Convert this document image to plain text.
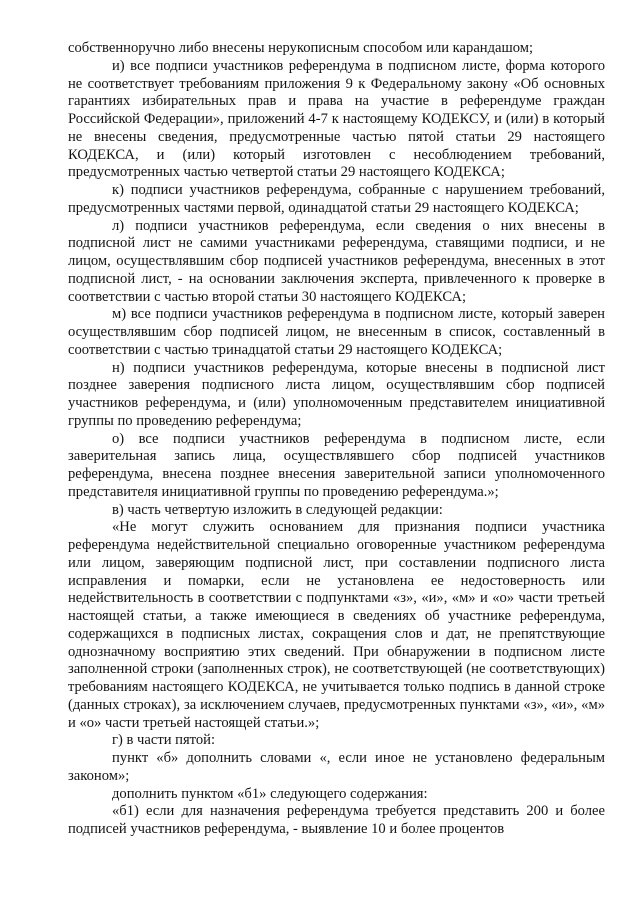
собственноручно либо внесены нерукописным способом или карандашом;

и) все подписи участников референдума в подписном листе, форма которого не соответствует требованиям приложения 9 к Федеральному закону «Об основных гарантиях избирательных прав и права на участие в референдуме граждан Российской Федерации», приложений 4-7 к настоящему КОДЕКСУ, и (или) в который не внесены сведения, предусмотренные частью пятой статьи 29 настоящего КОДЕКСА, и (или) который изготовлен с несоблюдением требований, предусмотренных частью четвертой статьи 29 настоящего КОДЕКСА;

к) подписи участников референдума, собранные с нарушением требований, предусмотренных частями первой, одинадцатой статьи 29 настоящего КОДЕКСА;

л) подписи участников референдума, если сведения о них внесены в подписной лист не самими участниками референдума, ставящими подписи, и не лицом, осуществлявшим сбор подписей участников референдума, внесенных в этот подписной лист, - на основании заключения эксперта, привлеченного к проверке в соответствии с частью второй статьи 30 настоящего КОДЕКСА;

м) все подписи участников референдума в подписном листе, который заверен осуществлявшим сбор подписей лицом, не внесенным в список, составленный в соответствии с частью тринадцатой статьи 29 настоящего КОДЕКСА;

н) подписи участников референдума, которые внесены в подписной лист позднее заверения подписного листа лицом, осуществлявшим сбор подписей участников референдума, и (или) уполномоченным представителем инициативной группы по проведению референдума;

о) все подписи участников референдума в подписном листе, если заверительная запись лица, осуществлявшего сбор подписей участников референдума, внесена позднее внесения заверительной записи уполномоченного представителя инициативной группы по проведению референдума.»;

в) часть четвертую изложить в следующей редакции:

«Не могут служить основанием для признания подписи участника референдума недействительной специально оговоренные участником референдума или лицом, заверяющим подписной лист, при составлении подписного листа исправления и помарки, если не установлена ее недостоверность или недействительность в соответствии с подпунктами «з», «и», «м» и «о» части третьей настоящей статьи, а также имеющиеся в сведениях об участнике референдума, содержащихся в подписных листах, сокращения слов и дат, не препятствующие однозначному восприятию этих сведений. При обнаружении в подписном листе заполненной строки (заполненных строк), не соответствующей (не соответствующих) требованиям настоящего КОДЕКСА, не учитывается только подпись в данной строке (данных строках), за исключением случаев, предусмотренных пунктами «з», «и», «м» и «о» части третьей настоящей статьи.»;

г) в части пятой:

пункт «б» дополнить словами «, если иное не установлено федеральным законом»;

дополнить пунктом «б1» следующего содержания:

«б1) если для назначения референдума требуется представить 200 и более подписей участников референдума, - выявление 10 и более процентов
